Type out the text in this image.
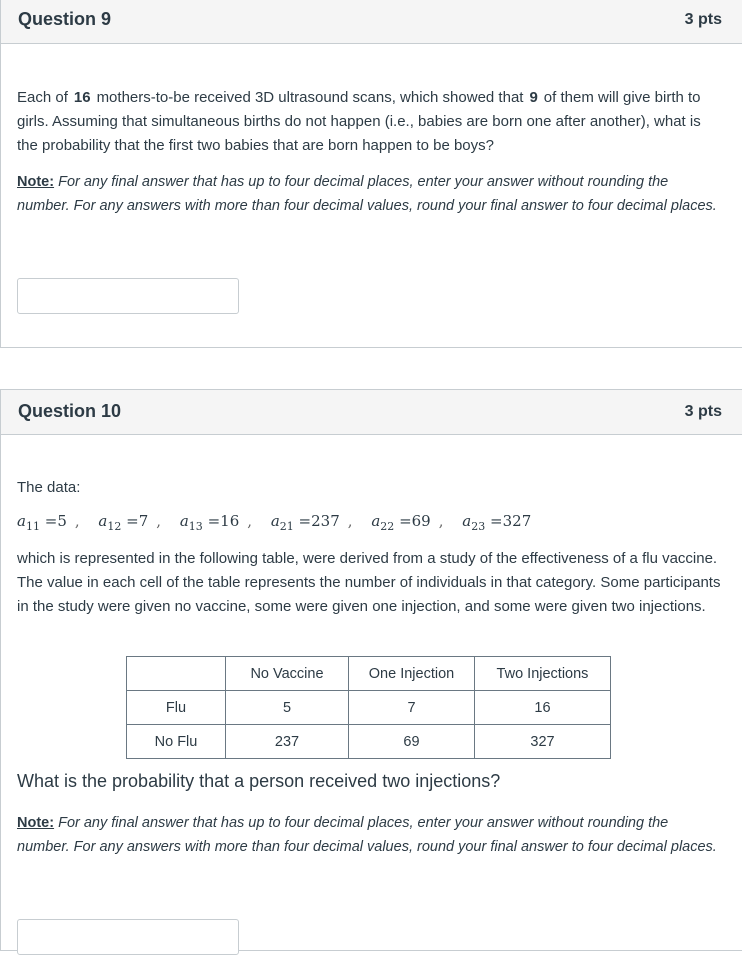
Question 9	3 pts
Each of 16 mothers-to-be received 3D ultrasound scans, which showed that 9 of them will give birth to girls. Assuming that simultaneous births do not happen (i.e., babies are born one after another), what is the probability that the first two babies that are born happen to be boys?
Note: For any final answer that has up to four decimal places, enter your answer without rounding the number. For any answers with more than four decimal values, round your final answer to four decimal places.
Question 10	3 pts
The data:
$a_{11} =5$ , $a_{12} =7$ , $a_{13} =16$ , $a_{21} =237$ , $a_{22} =69$ , $a_{23} =327$
which is represented in the following table, were derived from a study of the effectiveness of a flu vaccine. The value in each cell of the table represents the number of individuals in that category. Some participants in the study were given no vaccine, some were given one injection, and some were given two injections.
	No Vaccine	One Injection	Two Injections
Flu	5	7	16
No Flu	237	69	327
What is the probability that a person received two injections?
Note: For any final answer that has up to four decimal places, enter your answer without rounding the number. For any answers with more than four decimal values, round your final answer to four decimal places.
